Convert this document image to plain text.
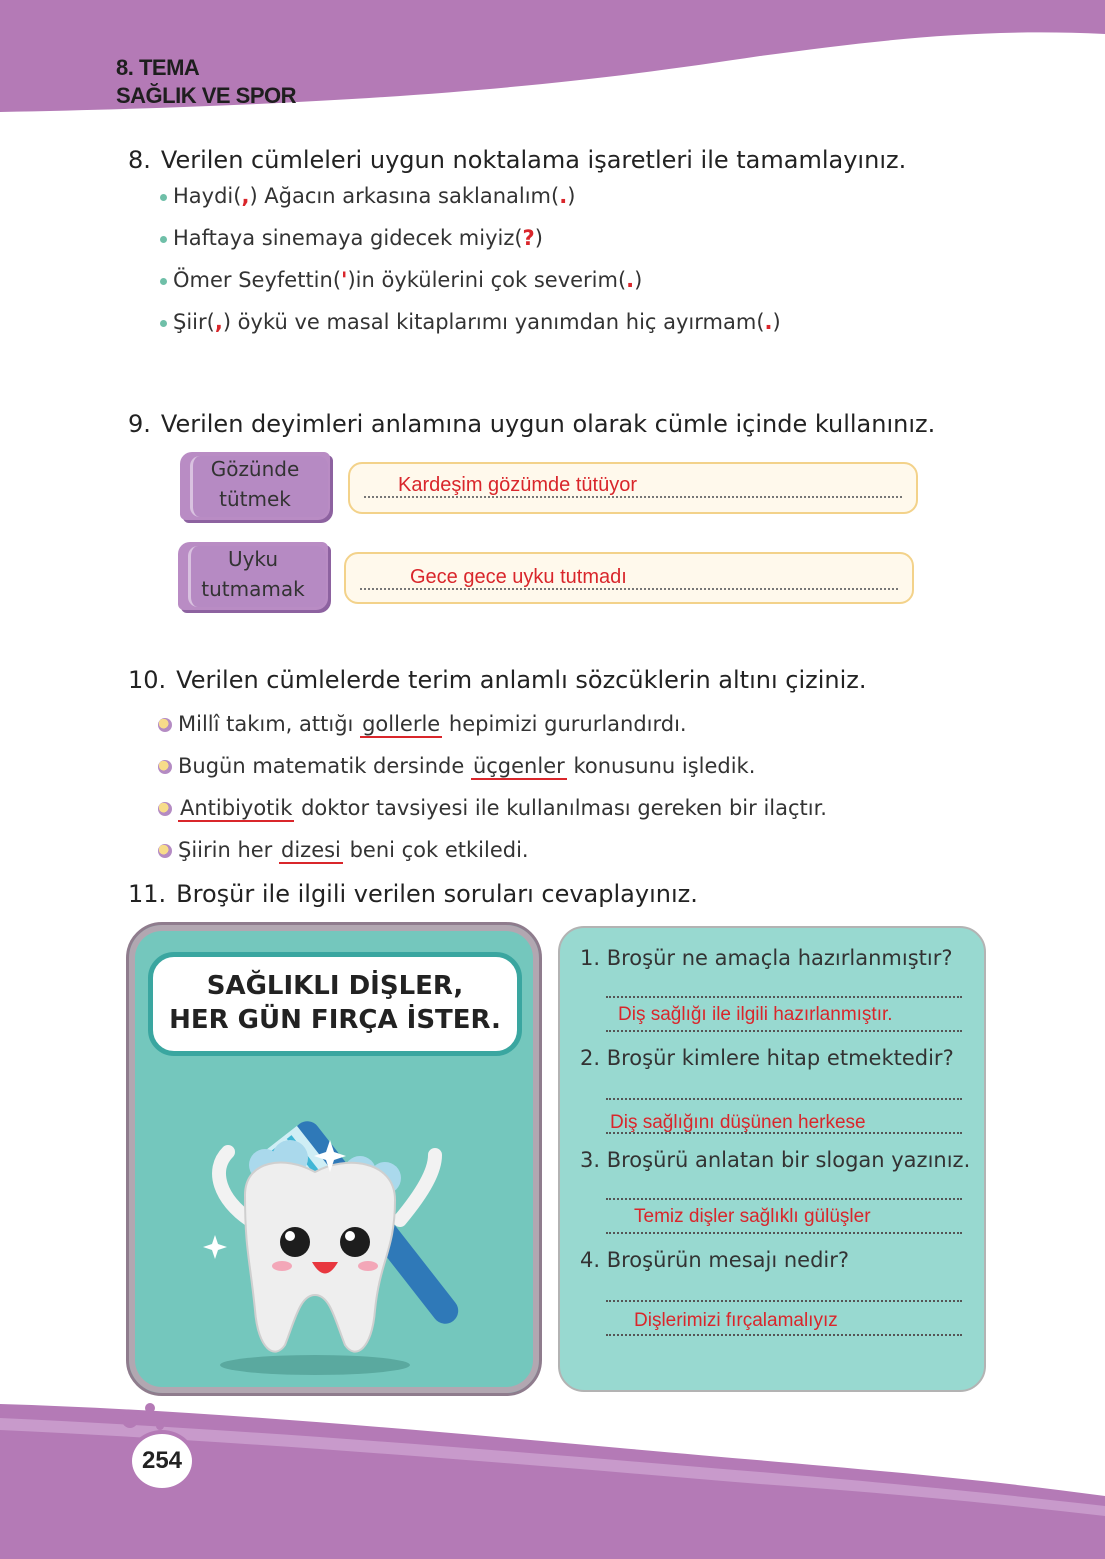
8. TEMA
SAĞLIK VE SPOR
8. Verilen cümleleri uygun noktalama işaretleri ile tamamlayınız.
Haydi(,) Ağacın arkasına saklanalım(.)
Haftaya sinemaya gidecek miyiz(?)
Ömer Seyfettin(')in öykülerini çok severim(.)
Şiir(,) öykü ve masal kitaplarımı yanımdan hiç ayırmam(.)
9. Verilen deyimleri anlamına uygun olarak cümle içinde kullanınız.
Gözünde
tütmek
Kardeşim gözümde tütüyor
Uyku
tutmamak	Gece gece uyku tutmadı
10. Verilen cümlelerde terim anlamlı sözcüklerin altını çiziniz.
Millî takım, attığı gollerle hepimizi gururlandırdı.
Bugün matematik dersinde üçgenler konusunu işledik.
Antibiyotik doktor tavsiyesi ile kullanılması gereken bir ilaçtır.
Şiirin her dizesi beni çok etkiledi.
11. Broşür ile ilgili verilen soruları cevaplayınız.
SAĞLIKLI DİŞLER,
HER GÜN FIRÇA İSTER.
1. Broşür ne amaçla hazırlanmıştır?
Diş sağlığı ile ilgili hazırlanmıştır.
2. Broşür kimlere hitap etmektedir?
Diş sağlığını düşünen herkese
3. Broşürü anlatan bir slogan yazınız.
Temiz dişler sağlıklı gülüşler
4. Broşürün mesajı nedir?
Dişlerimizi fırçalamalıyız
254
